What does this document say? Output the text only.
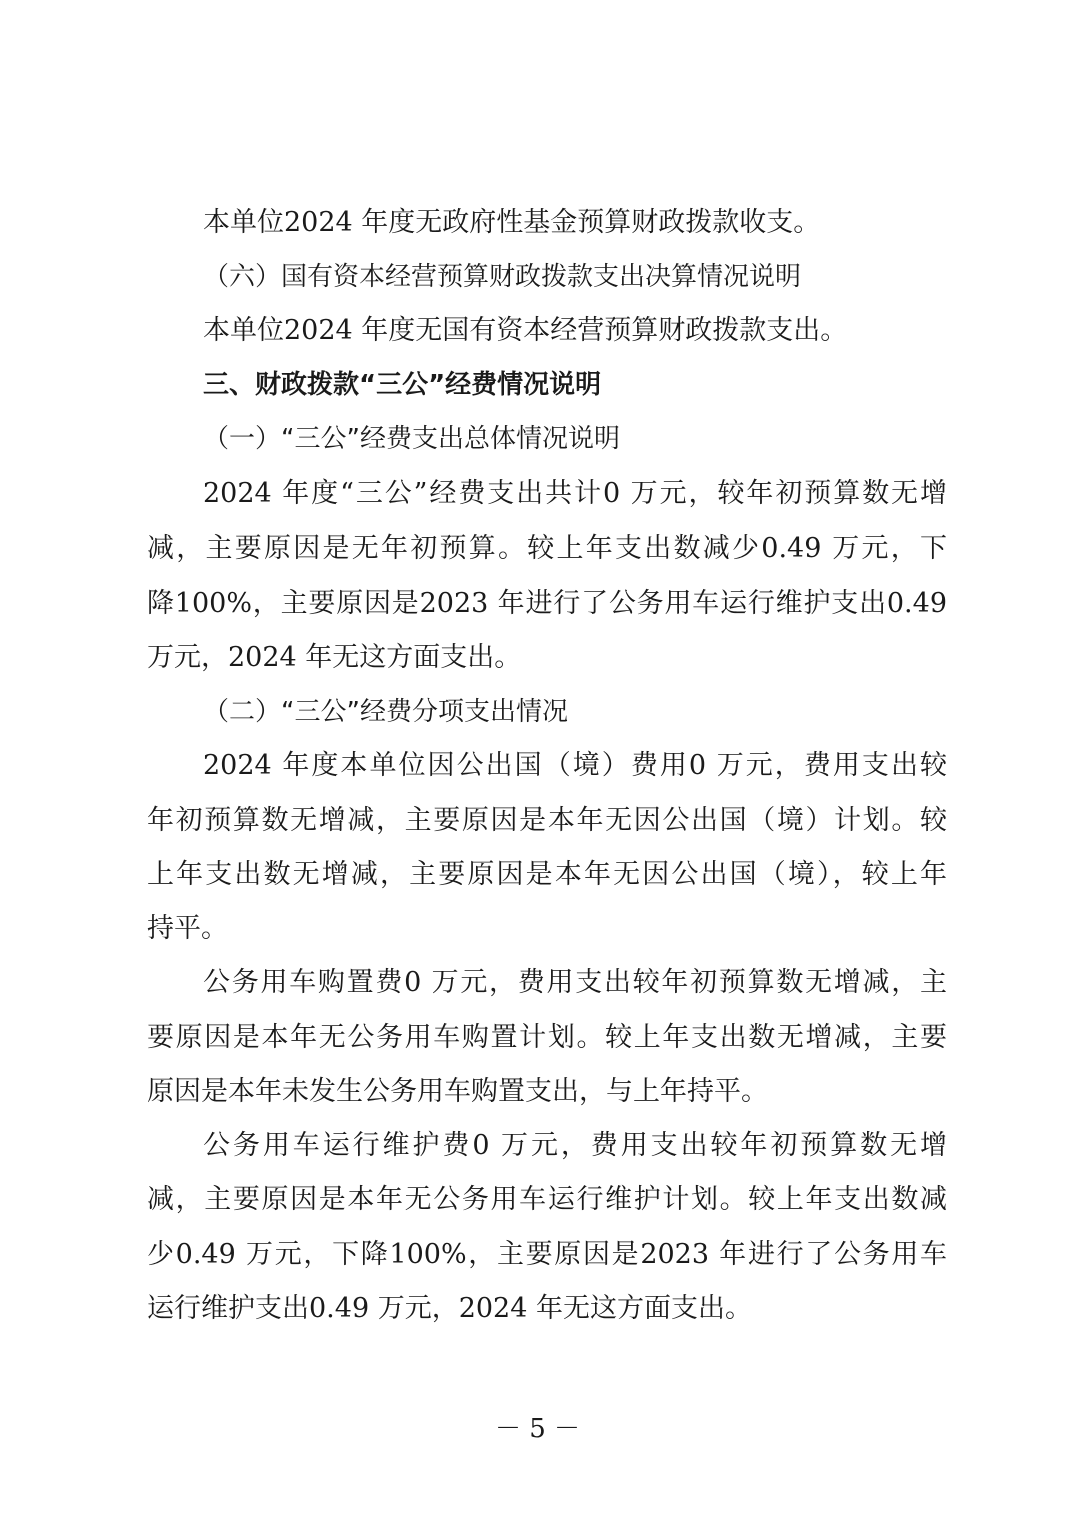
本单位2024 年度无政府性基金预算财政拨款收支。
（六）国有资本经营预算财政拨款支出决算情况说明
本单位2024 年度无国有资本经营预算财政拨款支出。
三、财政拨款“三公”经费情况说明
（一）“三公”经费支出总体情况说明
2024 年度“三公”经费支出共计0 万元，较年初预算数无增
减，主要原因是无年初预算。较上年支出数减少0.49 万元，下
降100%，主要原因是2023 年进行了公务用车运行维护支出0.49
万元，2024 年无这方面支出。
（二）“三公”经费分项支出情况
2024 年度本单位因公出国（境）费用0 万元，费用支出较
年初预算数无增减，主要原因是本年无因公出国（境）计划。较
上年支出数无增减，主要原因是本年无因公出国（境），较上年
持平。
公务用车购置费0 万元，费用支出较年初预算数无增减，主
要原因是本年无公务用车购置计划。较上年支出数无增减，主要
原因是本年未发生公务用车购置支出，与上年持平。
公务用车运行维护费0 万元，费用支出较年初预算数无增
减，主要原因是本年无公务用车运行维护计划。较上年支出数减
少0.49 万元，下降100%，主要原因是2023 年进行了公务用车
运行维护支出0.49 万元，2024 年无这方面支出。
－ 5 －
